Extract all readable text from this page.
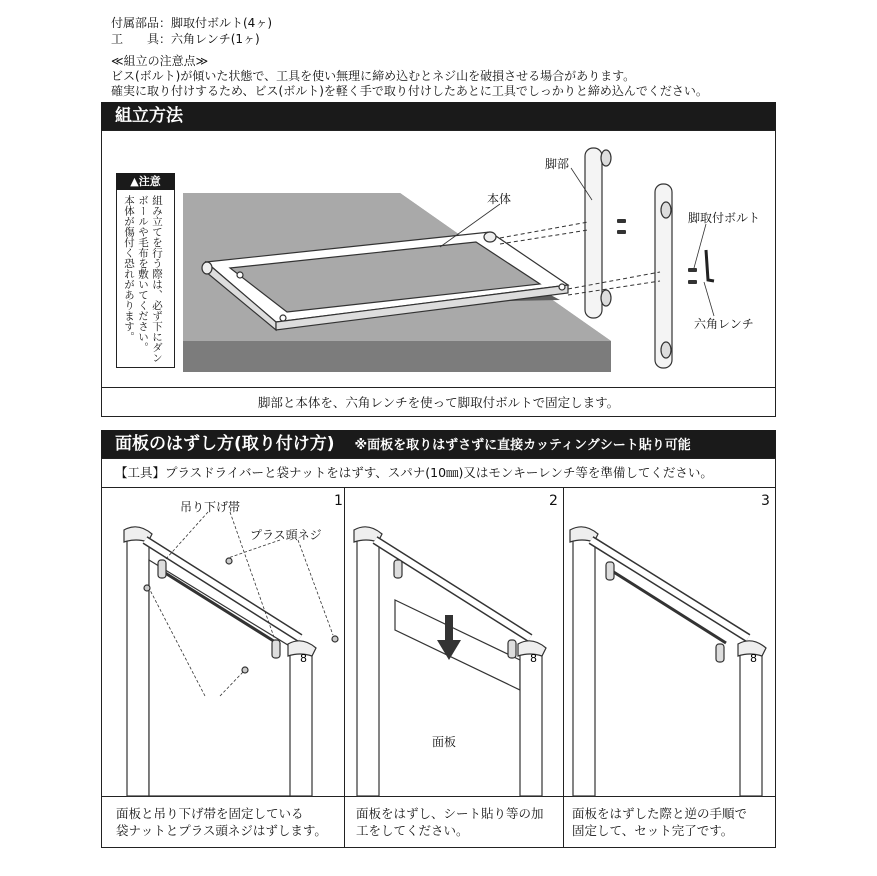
付属部品：脚取付ボルト(4ヶ)
工　　具：六角レンチ(1ヶ)
≪組立の注意点≫
ビス(ボルト)が傾いた状態で、工具を使い無理に締め込むとネジ山を破損させる場合があります。
確実に取り付けするため、ビス(ボルト)を軽く手で取り付けしたあとに工具でしっかりと締め込んでください。
組立方法
脚部と本体を、六角レンチを使って脚取付ボルトで固定します。
▲注意
組み立てを行う際は、必ず下にダン
ボールや毛布を敷いてください。
本体が傷付く恐れがあります。
脚部
本体
脚取付ボルト
六角レンチ
面板のはずし方(取り付け方) ※面板を取りはずさずに直接カッティングシート貼り可能
【工具】プラスドライバーと袋ナットをはずす、スパナ(10㎜)又はモンキーレンチ等を準備してください。
1	2	3
面板と吊り下げ帯を固定している
袋ナットとプラス頭ネジはずします。
面板をはずし、シート貼り等の加
工をしてください。
面板をはずした際と逆の手順で
固定して、セット完了です。
吊り下げ帯
プラス頭ネジ
面板
8	8	8
